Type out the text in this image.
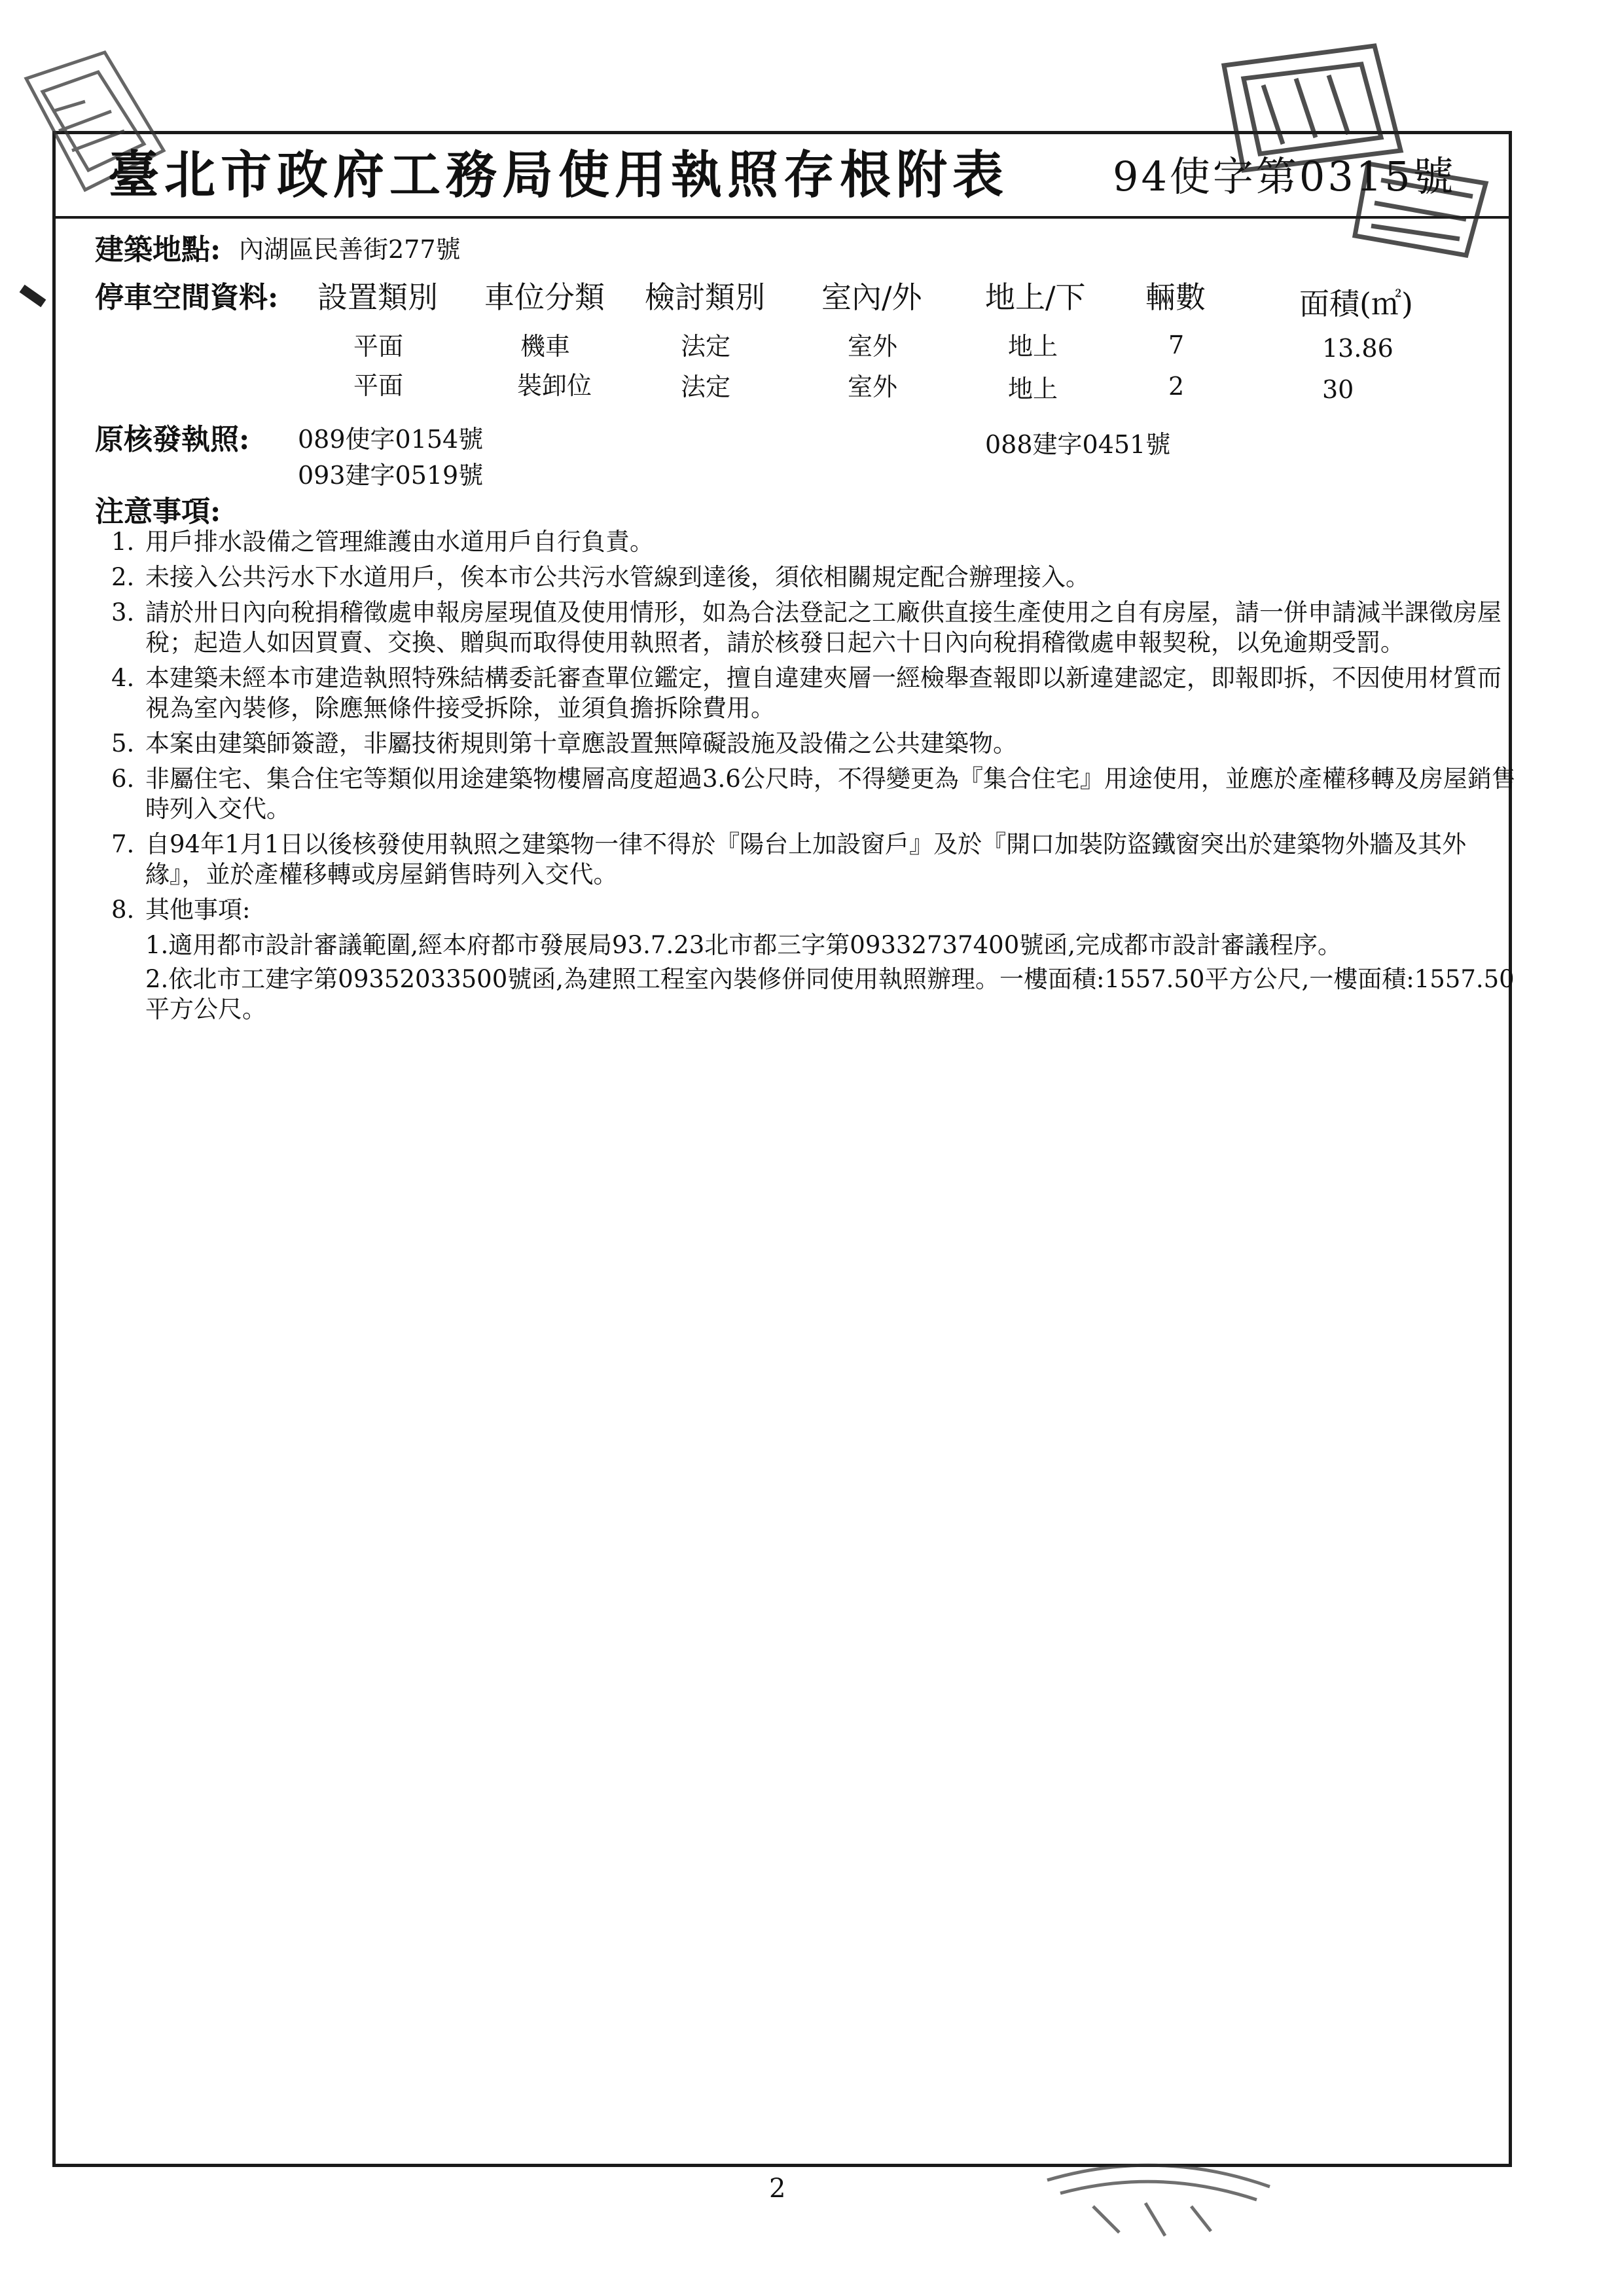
臺北市政府工務局使用執照存根附表	94使字第0315號
建築地點: 內湖區民善街277號
停車空間資料: 設置類別 車位分類 檢討類別 室內/外 地上/下 輛數	面積(㎡)
平面	機車	法定	室外	地上	7	13.86
平面	裝卸位	法定	室外	地上	2	30
原核發執照: 089使字0154號
093建字0519號
088建字0451號
注意事項:
1. 用戶排水設備之管理維護由水道用戶自行負責。
2. 未接入公共污水下水道用戶，俟本市公共污水管線到達後，須依相關規定配合辦理接入。
3. 請於卅日內向稅捐稽徵處申報房屋現值及使用情形，如為合法登記之工廠供直接生產使用之自有房屋，請一併申請減半課徵房屋稅；起造人如因買賣、交換、贈與而取得使用執照者，請於核發日起六十日內向稅捐稽徵處申報契稅，以免逾期受罰。
4. 本建築未經本市建造執照特殊結構委託審查單位鑑定，擅自違建夾層一經檢舉查報即以新違建認定，即報即拆，不因使用材質而視為室內裝修，除應無條件接受拆除，並須負擔拆除費用。
5. 本案由建築師簽證，非屬技術規則第十章應設置無障礙設施及設備之公共建築物。
6. 非屬住宅、集合住宅等類似用途建築物樓層高度超過3.6公尺時，不得變更為『集合住宅』用途使用，並應於產權移轉及房屋銷售時列入交代。
7. 自94年1月1日以後核發使用執照之建築物一律不得於『陽台上加設窗戶』及於『開口加裝防盜鐵窗突出於建築物外牆及其外緣』，並於產權移轉或房屋銷售時列入交代。
8. 其他事項:
1.適用都市設計審議範圍,經本府都市發展局93.7.23北市都三字第09332737400號函,完成都市設計審議程序。
2.依北市工建字第09352033500號函,為建照工程室內裝修併同使用執照辦理。一樓面積:1557.50平方公尺,一樓面積:1557.50平方公尺。
2
